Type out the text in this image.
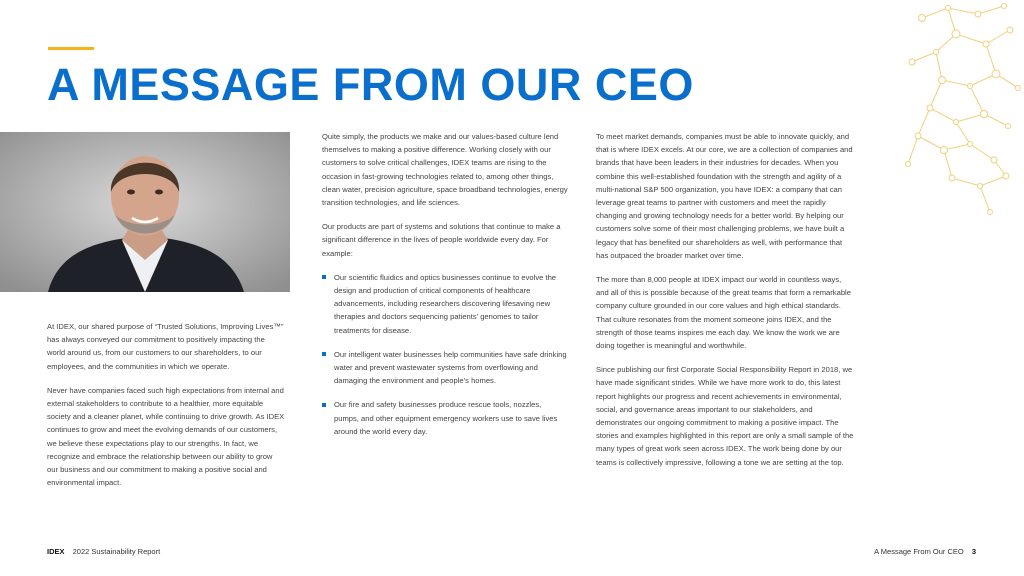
A MESSAGE FROM OUR CEO

At IDEX, our shared purpose of “Trusted Solutions, Improving Lives™” has always conveyed our commitment to positively impacting the world around us, from our customers to our shareholders, to our employees, and the communities in which we operate.

Never have companies faced such high expectations from internal and external stakeholders to contribute to a healthier, more equitable society and a cleaner planet, while continuing to drive growth. As IDEX continues to grow and meet the evolving demands of our customers, we believe these expectations play to our strengths. In fact, we recognize and embrace the relationship between our ability to grow our business and our commitment to making a positive social and environmental impact.

Quite simply, the products we make and our values-based culture lend themselves to making a positive difference. Working closely with our customers to solve critical challenges, IDEX teams are rising to the occasion in fast-growing technologies related to, among other things, clean water, precision agriculture, space broadband technologies, energy transition technologies, and life sciences.

Our products are part of systems and solutions that continue to make a significant difference in the lives of people worldwide every day. For example:

Our scientific fluidics and optics businesses continue to evolve the design and production of critical components of healthcare advancements, including researchers discovering lifesaving new therapies and doctors sequencing patients’ genomes to tailor treatments for disease.
Our intelligent water businesses help communities have safe drinking water and prevent wastewater systems from overflowing and damaging the environment and people’s homes.
Our fire and safety businesses produce rescue tools, nozzles, pumps, and other equipment emergency workers use to save lives around the world every day.

To meet market demands, companies must be able to innovate quickly, and that is where IDEX excels. At our core, we are a collection of companies and brands that have been leaders in their industries for decades. When you combine this well-established foundation with the strength and agility of a multi-national S&P 500 organization, you have IDEX: a company that can leverage great teams to partner with customers and meet the rapidly changing and growing technology needs for a better world. By helping our customers solve some of their most challenging problems, we have built a legacy that has benefited our shareholders as well, with performance that has outpaced the broader market over time.

The more than 8,000 people at IDEX impact our world in countless ways, and all of this is possible because of the great teams that form a remarkable company culture grounded in our core values and high ethical standards. That culture resonates from the moment someone joins IDEX, and the strength of those teams inspires me each day. We know the work we are doing together is meaningful and worthwhile.

Since publishing our first Corporate Social Responsibility Report in 2018, we have made significant strides. While we have more work to do, this latest report highlights our progress and recent achievements in environmental, social, and governance areas important to our stakeholders, and demonstrates our ongoing commitment to making a positive impact. The stories and examples highlighted in this report are only a small sample of the many types of great work seen across IDEX. The work being done by our teams is collectively impressive, following a tone we are setting at the top.

IDEX 2022 Sustainability Report	A Message From Our CEO 3
